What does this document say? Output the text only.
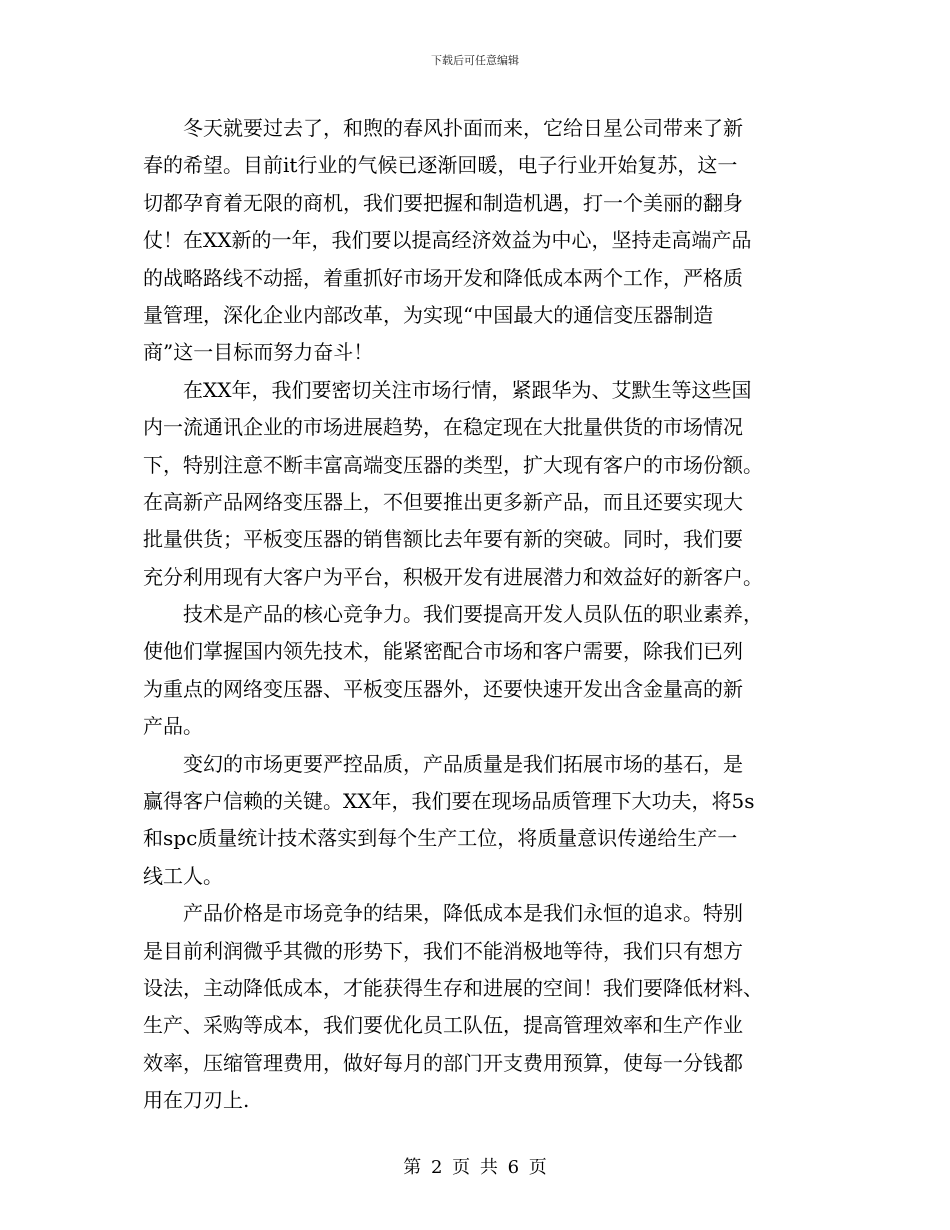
下载后可任意编辑
　　冬天就要过去了，和煦的春风扑面而来，它给日星公司带来了新
春的希望。目前it行业的气候已逐渐回暖，电子行业开始复苏，这一
切都孕育着无限的商机，我们要把握和制造机遇，打一个美丽的翻身
仗！在XX新的一年，我们要以提高经济效益为中心，坚持走高端产品
的战略路线不动摇，着重抓好市场开发和降低成本两个工作，严格质
量管理，深化企业内部改革，为实现“中国最大的通信变压器制造
商”这一目标而努力奋斗！
　　在XX年，我们要密切关注市场行情，紧跟华为、艾默生等这些国
内一流通讯企业的市场进展趋势，在稳定现在大批量供货的市场情况
下，特别注意不断丰富高端变压器的类型，扩大现有客户的市场份额。
在高新产品网络变压器上，不但要推出更多新产品，而且还要实现大
批量供货；平板变压器的销售额比去年要有新的突破。同时，我们要
充分利用现有大客户为平台，积极开发有进展潜力和效益好的新客户。
　　技术是产品的核心竞争力。我们要提高开发人员队伍的职业素养，
使他们掌握国内领先技术，能紧密配合市场和客户需要，除我们已列
为重点的网络变压器、平板变压器外，还要快速开发出含金量高的新
产品。
　　变幻的市场更要严控品质，产品质量是我们拓展市场的基石，是
赢得客户信赖的关键。XX年，我们要在现场品质管理下大功夫，将5s
和spc质量统计技术落实到每个生产工位，将质量意识传递给生产一
线工人。
　　产品价格是市场竞争的结果，降低成本是我们永恒的追求。特别
是目前利润微乎其微的形势下，我们不能消极地等待，我们只有想方
设法，主动降低成本，才能获得生存和进展的空间！我们要降低材料、
生产、采购等成本，我们要优化员工队伍，提高管理效率和生产作业
效率，压缩管理费用，做好每月的部门开支费用预算，使每一分钱都
用在刀刃上.
第 2 页 共 6 页
